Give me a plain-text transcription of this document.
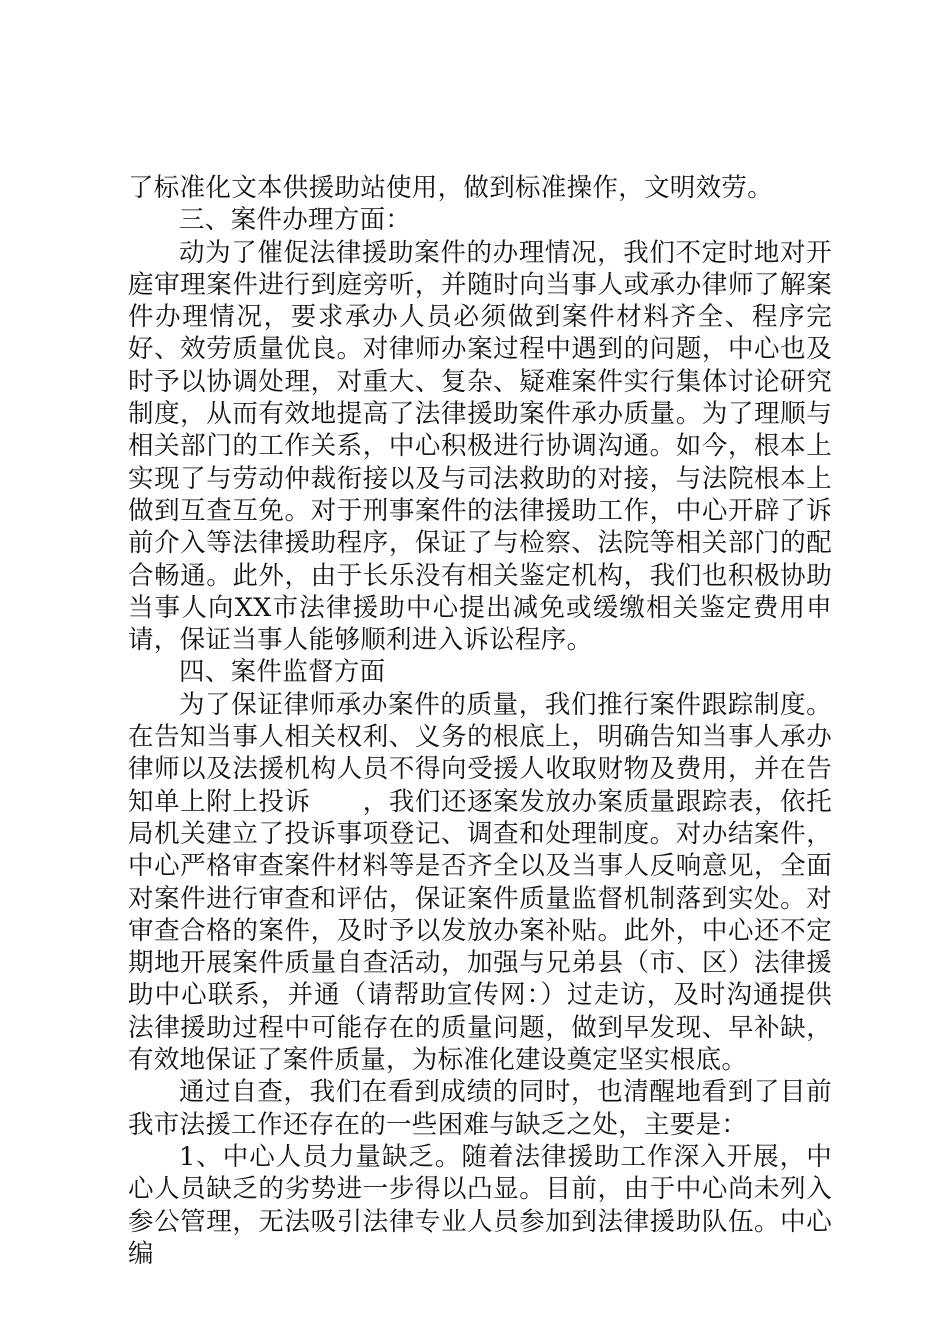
了标准化文本供援助站使用，做到标准操作，文明效劳。

三、案件办理方面：

动为了催促法律援助案件的办理情况，我们不定时地对开庭审理案件进行到庭旁听，并随时向当事人或承办律师了解案件办理情况，要求承办人员必须做到案件材料齐全、程序完好、效劳质量优良。对律师办案过程中遇到的问题，中心也及时予以协调处理，对重大、复杂、疑难案件实行集体讨论研究制度，从而有效地提高了法律援助案件承办质量。为了理顺与相关部门的工作关系，中心积极进行协调沟通。如今，根本上实现了与劳动仲裁衔接以及与司法救助的对接，与法院根本上做到互查互免。对于刑事案件的法律援助工作，中心开辟了诉前介入等法律援助程序，保证了与检察、法院等相关部门的配合畅通。此外，由于长乐没有相关鉴定机构，我们也积极协助当事人向XX市法律援助中心提出减免或缓缴相关鉴定费用申请，保证当事人能够顺利进入诉讼程序。

四、案件监督方面

为了保证律师承办案件的质量，我们推行案件跟踪制度。在告知当事人相关权利、义务的根底上，明确告知当事人承办律师以及法援机构人员不得向受援人收取财物及费用，并在告知单上附上投诉　　，我们还逐案发放办案质量跟踪表，依托局机关建立了投诉事项登记、调查和处理制度。对办结案件，中心严格审查案件材料等是否齐全以及当事人反响意见，全面对案件进行审查和评估，保证案件质量监督机制落到实处。对审查合格的案件，及时予以发放办案补贴。此外，中心还不定期地开展案件质量自查活动，加强与兄弟县（市、区）法律援助中心联系，并通（请帮助宣传网：）过走访，及时沟通提供法律援助过程中可能存在的质量问题，做到早发现、早补缺，有效地保证了案件质量，为标准化建设奠定坚实根底。

通过自查，我们在看到成绩的同时，也清醒地看到了目前我市法援工作还存在的一些困难与缺乏之处，主要是：

1、中心人员力量缺乏。随着法律援助工作深入开展，中心人员缺乏的劣势进一步得以凸显。目前，由于中心尚未列入参公管理，无法吸引法律专业人员参加到法律援助队伍。中心编
